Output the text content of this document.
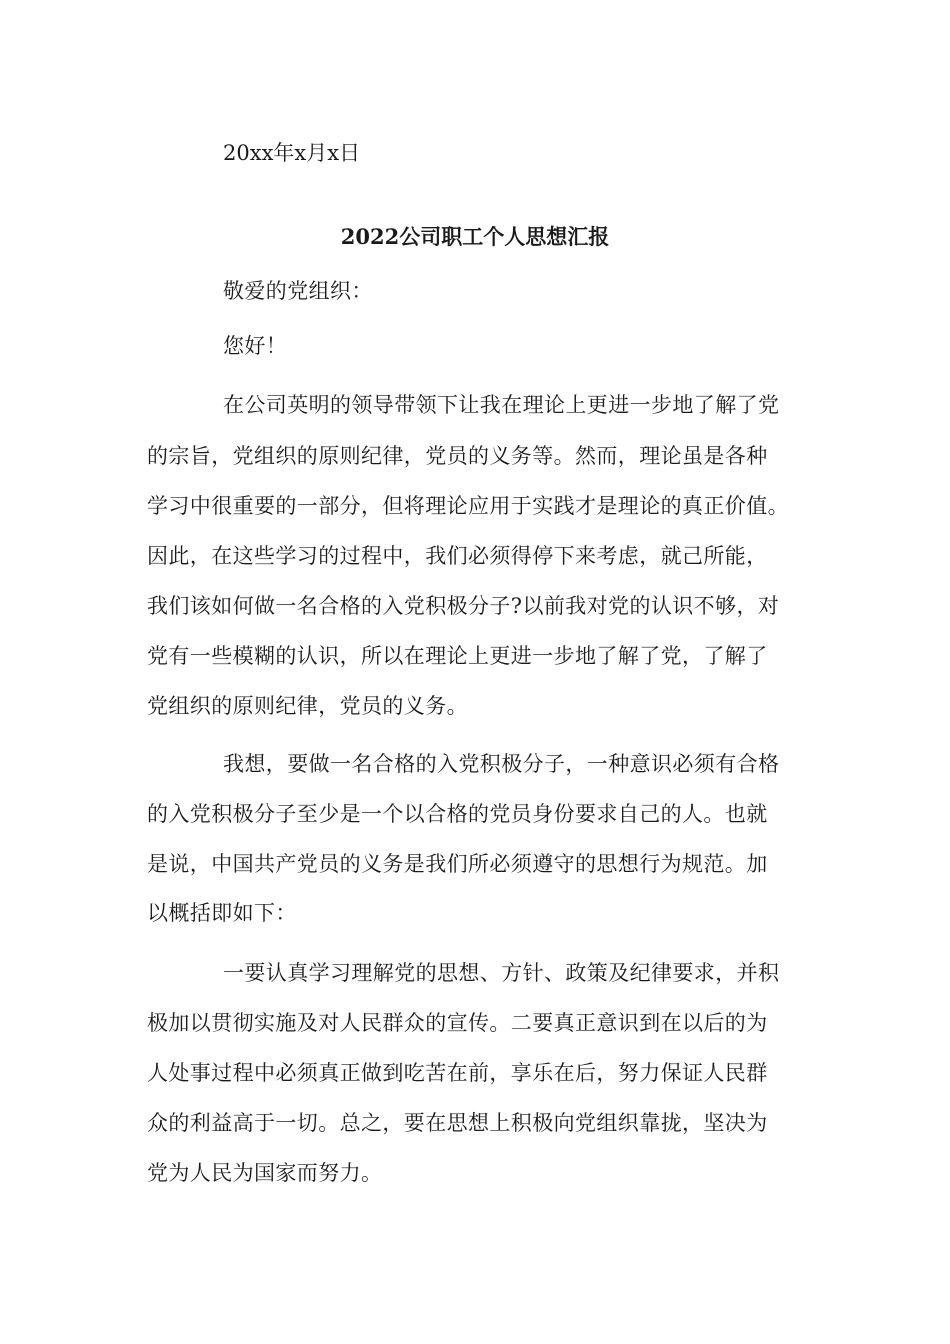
20xx年x月x日
2022公司职工个人思想汇报
敬爱的党组织：
您好！
在公司英明的领导带领下让我在理论上更进一步地了解了党
的宗旨，党组织的原则纪律，党员的义务等。然而，理论虽是各种
学习中很重要的一部分，但将理论应用于实践才是理论的真正价值。
因此，在这些学习的过程中，我们必须得停下来考虑，就己所能，
我们该如何做一名合格的入党积极分子?以前我对党的认识不够，对
党有一些模糊的认识，所以在理论上更进一步地了解了党，了解了
党组织的原则纪律，党员的义务。
我想，要做一名合格的入党积极分子，一种意识必须有合格
的入党积极分子至少是一个以合格的党员身份要求自己的人。也就
是说，中国共产党员的义务是我们所必须遵守的思想行为规范。加
以概括即如下：
一要认真学习理解党的思想、方针、政策及纪律要求，并积
极加以贯彻实施及对人民群众的宣传。二要真正意识到在以后的为
人处事过程中必须真正做到吃苦在前，享乐在后，努力保证人民群
众的利益高于一切。总之，要在思想上积极向党组织靠拢，坚决为
党为人民为国家而努力。
